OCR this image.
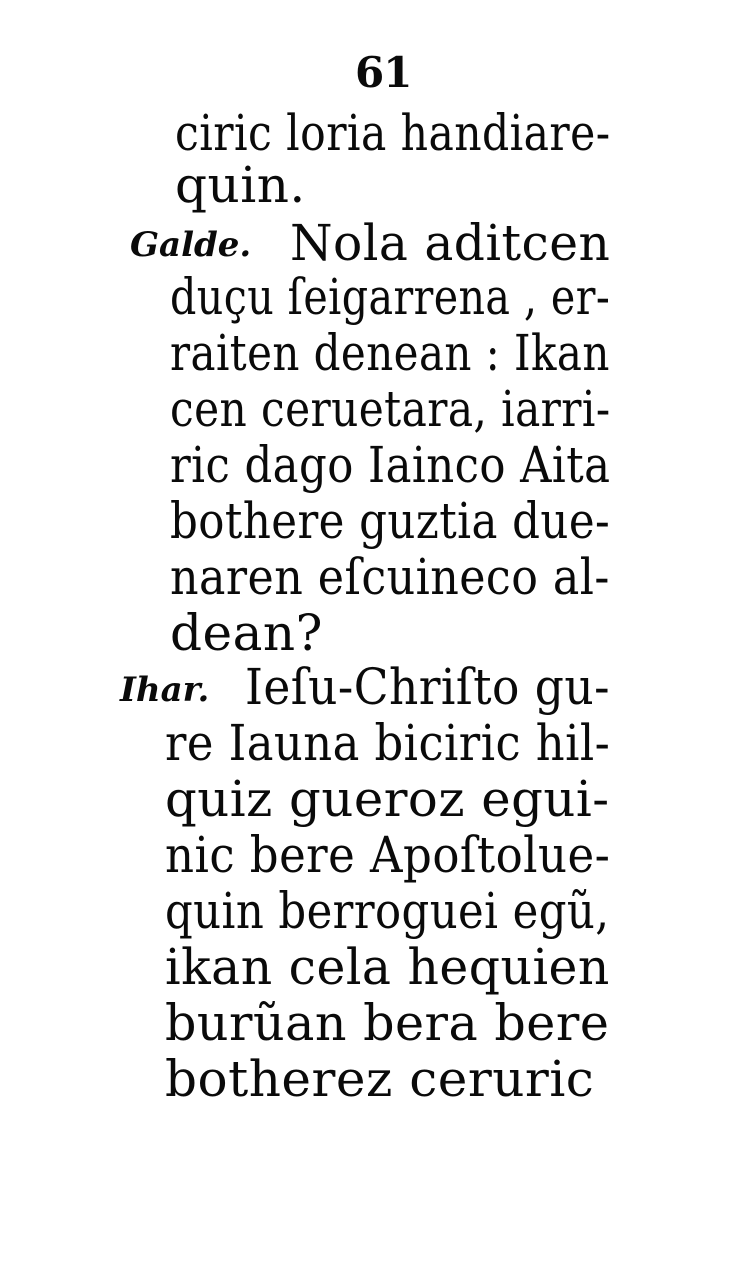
61
ciric loria handiare-
quin.
Galde. Nola aditcen
duçu ſeigarrena , er-
raiten denean : Ikan
cen ceruetara, iarri-
ric dago Iainco Aita
bothere guztia due-
naren eſcuineco al-
dean?
Ihar. Ieſu-Chriſto gu-
re Iauna biciric hil-
quiz gueroz egui-
nic bere Apoſtolue-
quin berroguei egũ,
ikan cela hequien
burũan bera bere
botherez ceruric
